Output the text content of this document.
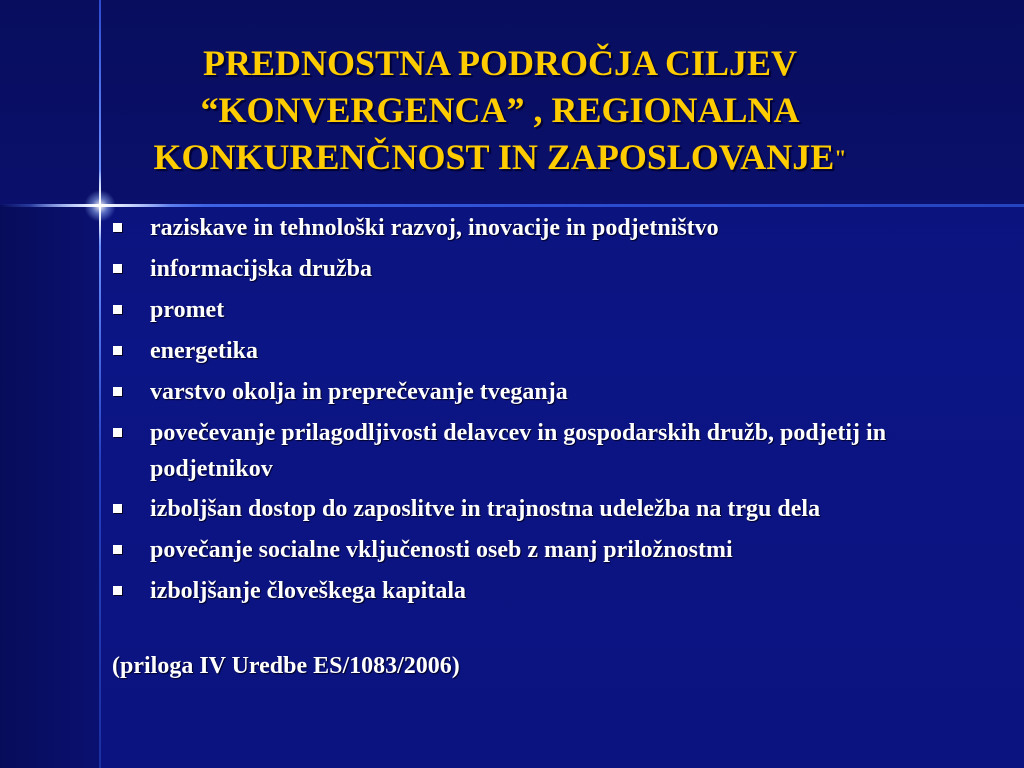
PREDNOSTNA PODROČJA CILJEV
“KONVERGENCA” , REGIONALNA
KONKURENČNOST IN ZAPOSLOVANJE"
raziskave in tehnološki razvoj, inovacije in podjetništvo
informacijska družba
promet
energetika
varstvo okolja in preprečevanje tveganja
povečevanje prilagodljivosti delavcev in gospodarskih družb, podjetij in podjetnikov
izboljšan dostop do zaposlitve in trajnostna udeležba na trgu dela
povečanje socialne vključenosti oseb z manj priložnostmi
izboljšanje človeškega kapitala
(priloga IV Uredbe ES/1083/2006)
